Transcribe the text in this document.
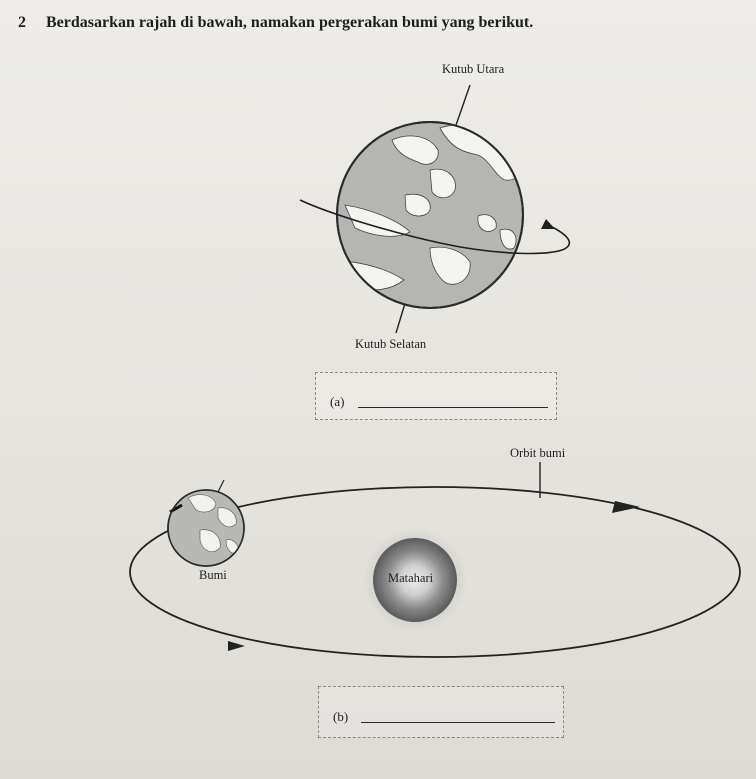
2 Berdasarkan rajah di bawah, namakan pergerakan bumi yang berikut.
Kutub Utara
Kutub Selatan
(a)
Orbit bumi
Bumi	Matahari
(b)
